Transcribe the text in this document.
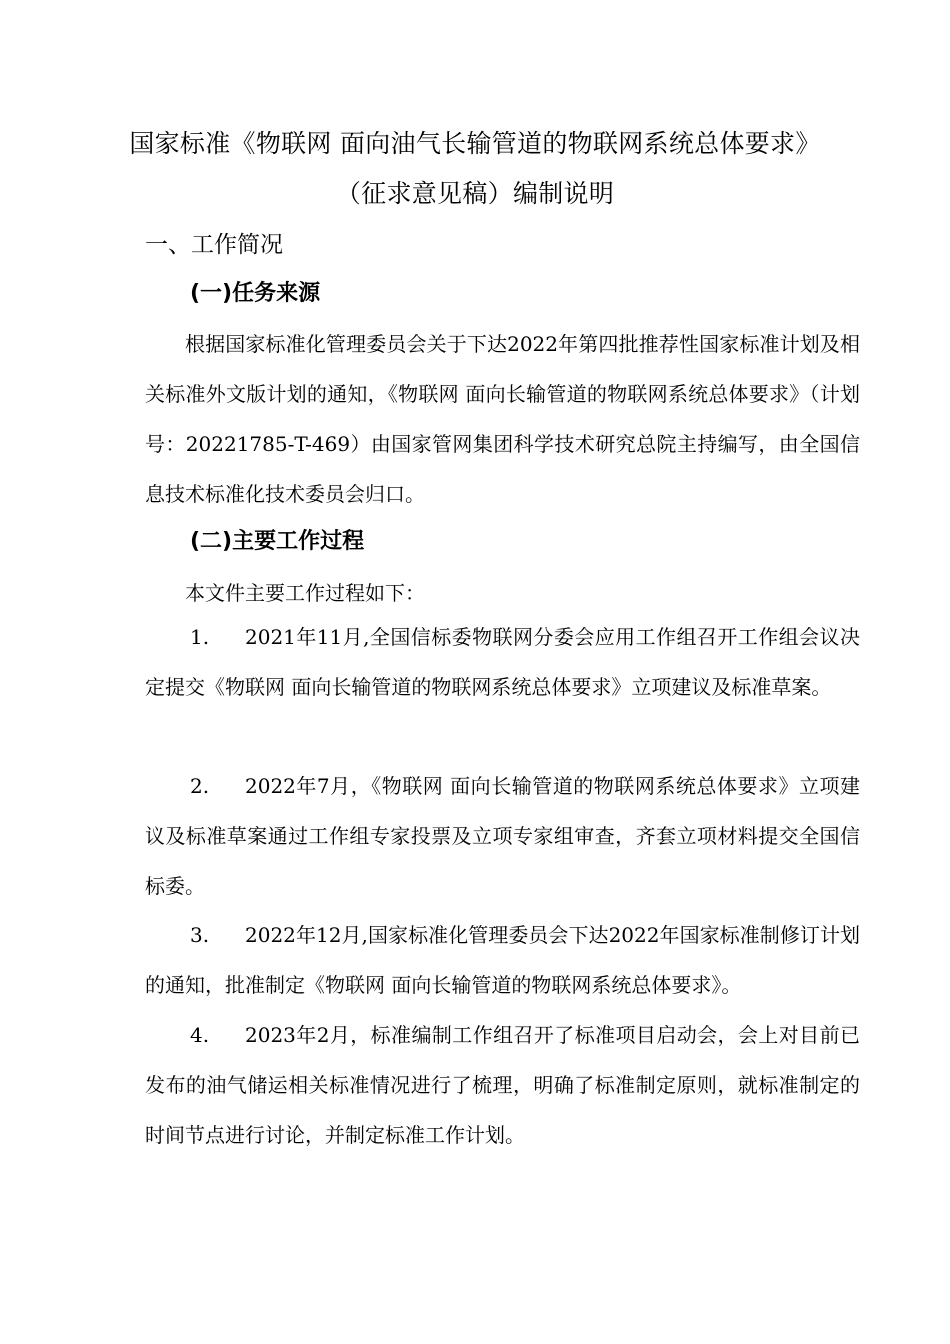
国家标准《物联网 面向油气长输管道的物联网系统总体要求》
（征求意见稿）编制说明
一、工作简况
(一)任务来源

根据国家标准化管理委员会关于下达2022年第四批推荐性国家标准计划及相关标准外文版计划的通知，《物联网 面向长输管道的物联网系统总体要求》（计划号：20221785-T-469）由国家管网集团科学技术研究总院主持编写，由全国信息技术标准化技术委员会归口。

(二)主要工作过程

本文件主要工作过程如下：

1. 2021年11月,全国信标委物联网分委会应用工作组召开工作组会议决定提交《物联网 面向长输管道的物联网系统总体要求》立项建议及标准草案。

2. 2022年7月，《物联网 面向长输管道的物联网系统总体要求》立项建议及标准草案通过工作组专家投票及立项专家组审查，齐套立项材料提交全国信标委。

3. 2022年12月,国家标准化管理委员会下达2022年国家标准制修订计划的通知，批准制定《物联网 面向长输管道的物联网系统总体要求》。

4. 2023年2月，标准编制工作组召开了标准项目启动会，会上对目前已发布的油气储运相关标准情况进行了梳理，明确了标准制定原则，就标准制定的时间节点进行讨论，并制定标准工作计划。
